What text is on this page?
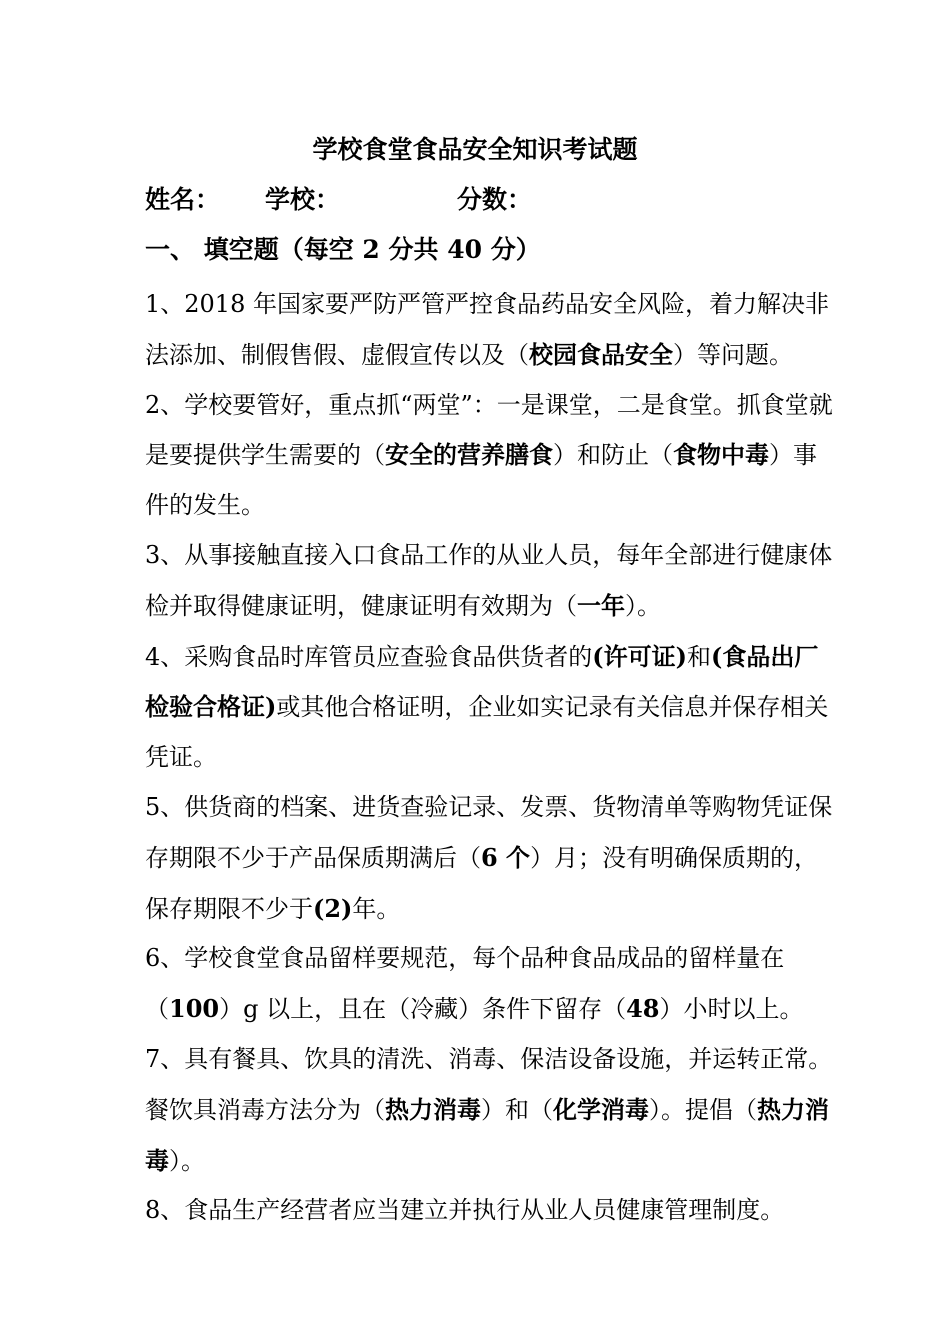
学校食堂食品安全知识考试题
姓名： 学校：	分数：
一、 填空题（每空 2 分共 40 分）

1、2018 年国家要严防严管严控食品药品安全风险，着力解决非法添加、制假售假、虚假宣传以及（校园食品安全）等问题。

2、学校要管好，重点抓“两堂”：一是课堂，二是食堂。抓食堂就是要提供学生需要的（安全的营养膳食）和防止（食物中毒）事件的发生。

3、从事接触直接入口食品工作的从业人员，每年全部进行健康体检并取得健康证明，健康证明有效期为（一年）。

4、采购食品时库管员应查验食品供货者的(许可证)和(食品出厂检验合格证)或其他合格证明，企业如实记录有关信息并保存相关凭证。

5、供货商的档案、进货查验记录、发票、货物清单等购物凭证保存期限不少于产品保质期满后（6 个）月；没有明确保质期的，保存期限不少于(2)年。

6、学校食堂食品留样要规范，每个品种食品成品的留样量在（100）g 以上，且在（冷藏）条件下留存（48）小时以上。

7、具有餐具、饮具的清洗、消毒、保洁设备设施，并运转正常。餐饮具消毒方法分为（热力消毒）和（化学消毒）。提倡（热力消毒）。

8、食品生产经营者应当建立并执行从业人员健康管理制度。
